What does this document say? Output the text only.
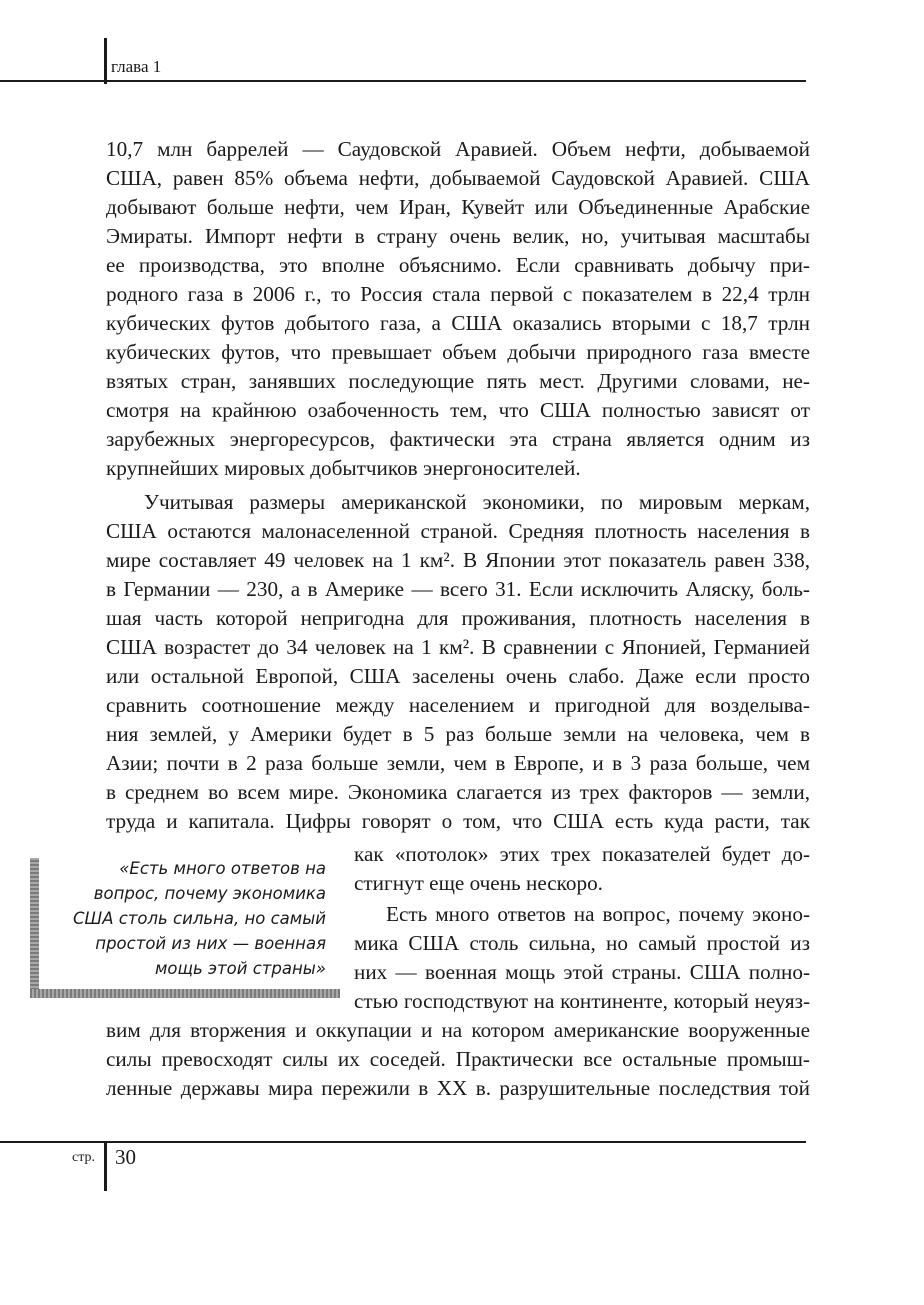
глава 1
10,7 млн баррелей — Саудовской Аравией. Объем нефти, добываемой
США, равен 85% объема нефти, добываемой Саудовской Аравией. США
добывают больше нефти, чем Иран, Кувейт или Объединенные Арабские
Эмираты. Импорт нефти в страну очень велик, но, учитывая масштабы
ее производства, это вполне объяснимо. Если сравнивать добычу при-
родного газа в 2006 г., то Россия стала первой с показателем в 22,4 трлн
кубических футов добытого газа, а США оказались вторыми с 18,7 трлн
кубических футов, что превышает объем добычи природного газа вместе
взятых стран, занявших последующие пять мест. Другими словами, не-
смотря на крайнюю озабоченность тем, что США полностью зависят от
зарубежных энергоресурсов, фактически эта страна является одним из
крупнейших мировых добытчиков энергоносителей.
Учитывая размеры американской экономики, по мировым меркам,
США остаются малонаселенной страной. Средняя плотность населения в
мире составляет 49 человек на 1 км². В Японии этот показатель равен 338,
в Германии — 230, а в Америке — всего 31. Если исключить Аляску, боль-
шая часть которой непригодна для проживания, плотность населения в
США возрастет до 34 человек на 1 км². В сравнении с Японией, Германией
или остальной Европой, США заселены очень слабо. Даже если просто
сравнить соотношение между населением и пригодной для возделыва-
ния землей, у Америки будет в 5 раз больше земли на человека, чем в
Азии; почти в 2 раза больше земли, чем в Европе, и в 3 раза больше, чем
в среднем во всем мире. Экономика слагается из трех факторов — земли,
труда и капитала. Цифры говорят о том, что США есть куда расти, так
как «потолок» этих трех показателей будет до-
стигнут еще очень нескоро.
Есть много ответов на вопрос, почему эконо-
мика США столь сильна, но самый простой из
них — военная мощь этой страны. США полно-
стью господствуют на континенте, который неуяз-
вим для вторжения и оккупации и на котором американские вооруженные
силы превосходят силы их соседей. Практически все остальные промыш-
ленные державы мира пережили в XX в. разрушительные последствия той
«Есть много ответов на
вопрос, почему экономика
США столь сильна, но самый
простой из них — военная
мощь этой страны»
стр. 30
